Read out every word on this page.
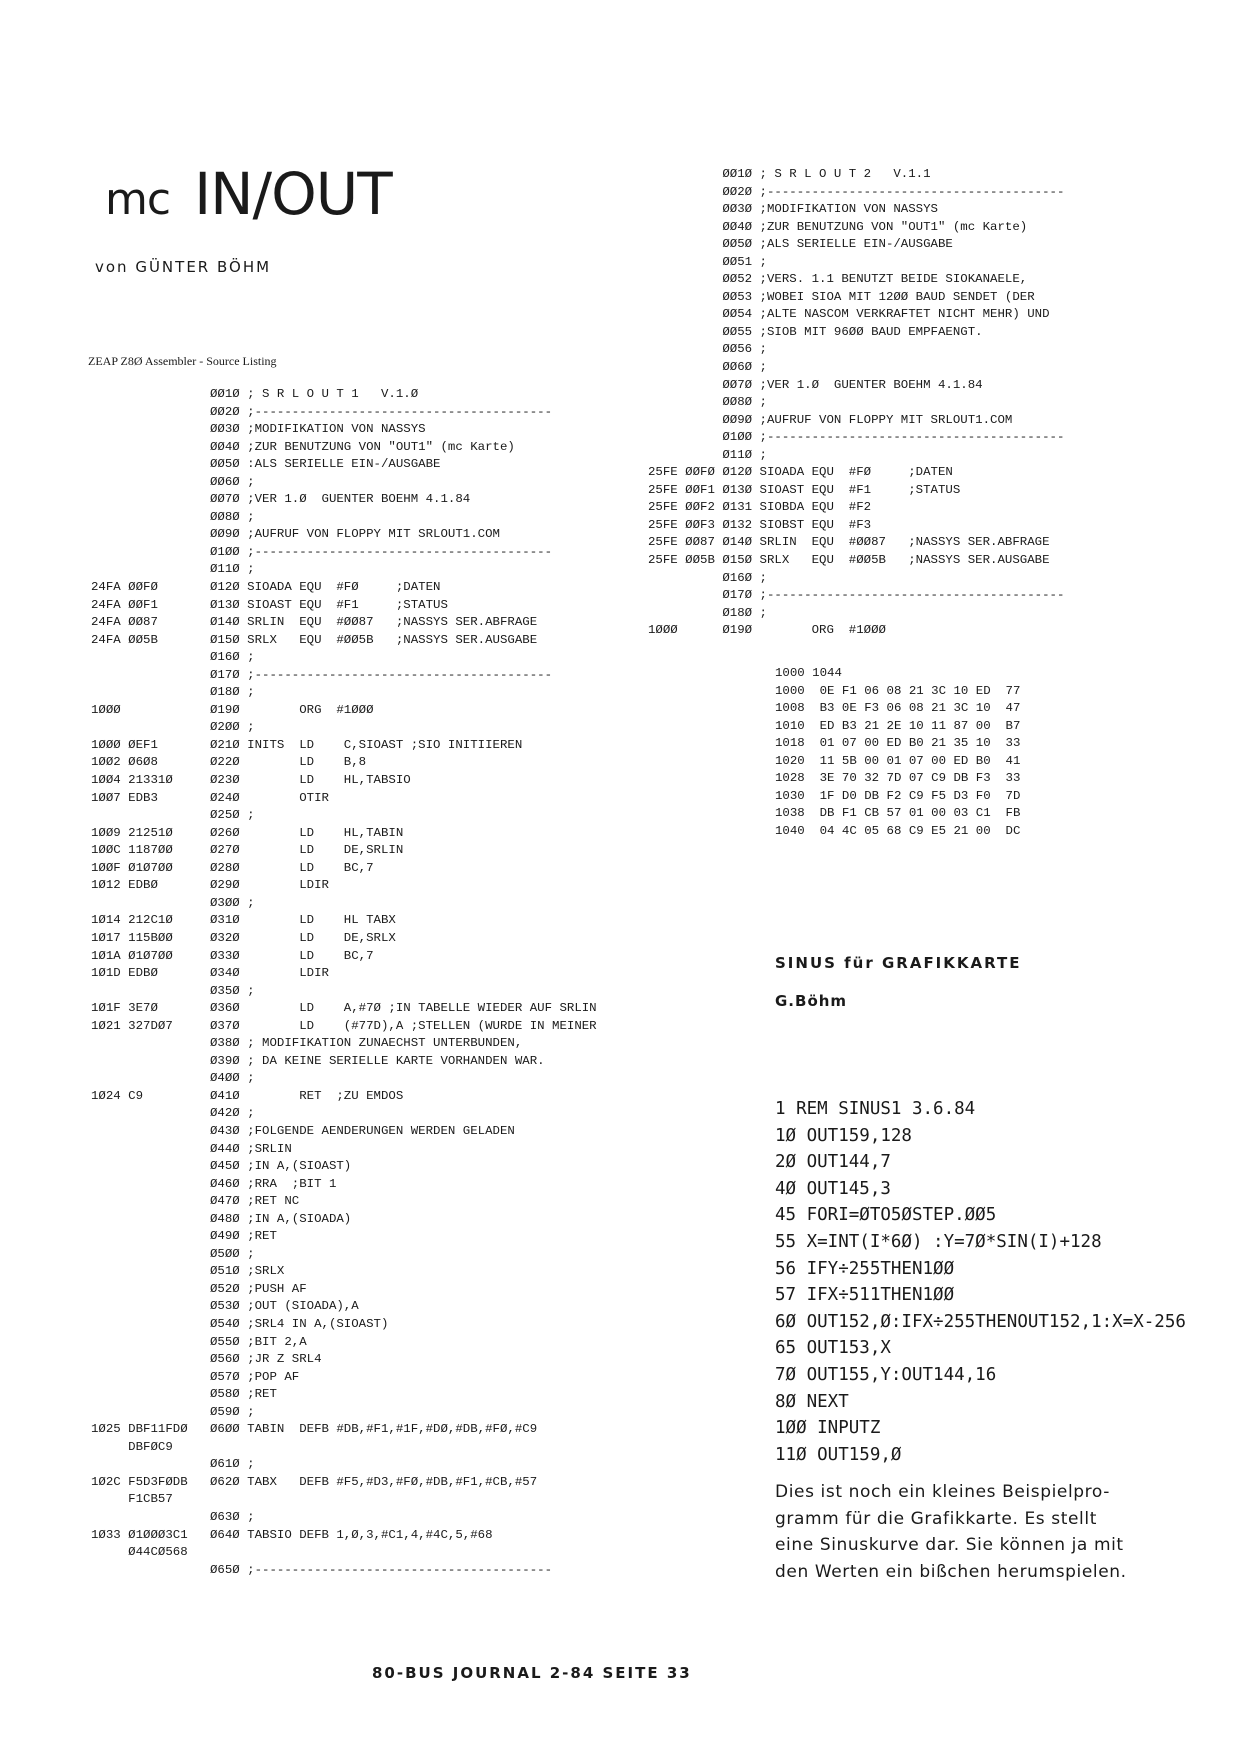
mc IN/OUT
von GÜNTER BÖHM
ZEAP Z8Ø Assembler - Source Listing
ØØ1Ø ; S R L O U T 1   V.1.Ø
ØØ2Ø ;----------------------------------------
ØØ3Ø ;MODIFIKATION VON NASSYS
ØØ4Ø ;ZUR BENUTZUNG VON "OUT1" (mc Karte)
ØØ5Ø :ALS SERIELLE EIN-/AUSGABE
ØØ6Ø ;
ØØ7Ø ;VER 1.Ø  GUENTER BOEHM 4.1.84
ØØ8Ø ;
ØØ9Ø ;AUFRUF VON FLOPPY MIT SRLOUT1.COM
Ø1ØØ ;----------------------------------------
Ø11Ø ;
24FA ØØFØ       Ø12Ø SIOADA EQU  #FØ     ;DATEN
24FA ØØF1       Ø13Ø SIOAST EQU  #F1     ;STATUS
24FA ØØ87       Ø14Ø SRLIN  EQU  #ØØ87   ;NASSYS SER.ABFRAGE
24FA ØØ5B       Ø15Ø SRLX   EQU  #ØØ5B   ;NASSYS SER.AUSGABE
Ø16Ø ;
Ø17Ø ;----------------------------------------
Ø18Ø ;
1ØØØ            Ø19Ø        ORG  #1ØØØ
Ø2ØØ ;
1ØØØ ØEF1       Ø21Ø INITS  LD    C,SIOAST ;SIO INITIIEREN
1ØØ2 Ø6Ø8       Ø22Ø        LD    B,8
1ØØ4 21331Ø     Ø23Ø        LD    HL,TABSIO
1ØØ7 EDB3       Ø24Ø        OTIR
Ø25Ø ;
1ØØ9 21251Ø     Ø26Ø        LD    HL,TABIN
1ØØC 1187ØØ     Ø27Ø        LD    DE,SRLIN
1ØØF Ø1Ø7ØØ     Ø28Ø        LD    BC,7
1Ø12 EDBØ       Ø29Ø        LDIR
Ø3ØØ ;
1Ø14 212C1Ø     Ø31Ø        LD    HL TABX
1Ø17 115BØØ     Ø32Ø        LD    DE,SRLX
1Ø1A Ø1Ø7ØØ     Ø33Ø        LD    BC,7
1Ø1D EDBØ       Ø34Ø        LDIR
Ø35Ø ;
1Ø1F 3E7Ø       Ø36Ø        LD    A,#7Ø ;IN TABELLE WIEDER AUF SRLIN
1Ø21 327DØ7     Ø37Ø        LD    (#77D),A ;STELLEN (WURDE IN MEINER
Ø38Ø ; MODIFIKATION ZUNAECHST UNTERBUNDEN,
Ø39Ø ; DA KEINE SERIELLE KARTE VORHANDEN WAR.
Ø4ØØ ;
1Ø24 C9         Ø41Ø        RET  ;ZU EMDOS
Ø42Ø ;
Ø43Ø ;FOLGENDE AENDERUNGEN WERDEN GELADEN
Ø44Ø ;SRLIN
Ø45Ø ;IN A,(SIOAST)
Ø46Ø ;RRA  ;BIT 1
Ø47Ø ;RET NC
Ø48Ø ;IN A,(SIOADA)
Ø49Ø ;RET
Ø5ØØ ;
Ø51Ø ;SRLX
Ø52Ø ;PUSH AF
Ø53Ø ;OUT (SIOADA),A
Ø54Ø ;SRL4 IN A,(SIOAST)
Ø55Ø ;BIT 2,A
Ø56Ø ;JR Z SRL4
Ø57Ø ;POP AF
Ø58Ø ;RET
Ø59Ø ;
1Ø25 DBF11FDØ   Ø6ØØ TABIN  DEFB #DB,#F1,#1F,#DØ,#DB,#FØ,#C9
DBFØC9
Ø61Ø ;
1Ø2C F5D3FØDB   Ø62Ø TABX   DEFB #F5,#D3,#FØ,#DB,#F1,#CB,#57
F1CB57
Ø63Ø ;
1Ø33 Ø1ØØØ3C1   Ø64Ø TABSIO DEFB 1,Ø,3,#C1,4,#4C,5,#68
Ø44CØ568
Ø65Ø ;----------------------------------------
ØØ1Ø ; S R L O U T 2   V.1.1
ØØ2Ø ;----------------------------------------
ØØ3Ø ;MODIFIKATION VON NASSYS
ØØ4Ø ;ZUR BENUTZUNG VON "OUT1" (mc Karte)
ØØ5Ø ;ALS SERIELLE EIN-/AUSGABE
ØØ51 ;
ØØ52 ;VERS. 1.1 BENUTZT BEIDE SIOKANAELE,
ØØ53 ;WOBEI SIOA MIT 12ØØ BAUD SENDET (DER
ØØ54 ;ALTE NASCOM VERKRAFTET NICHT MEHR) UND
ØØ55 ;SIOB MIT 96ØØ BAUD EMPFAENGT.
ØØ56 ;
ØØ6Ø ;
ØØ7Ø ;VER 1.Ø  GUENTER BOEHM 4.1.84
ØØ8Ø ;
ØØ9Ø ;AUFRUF VON FLOPPY MIT SRLOUT1.COM
Ø1ØØ ;----------------------------------------
Ø11Ø ;
25FE ØØFØ Ø12Ø SIOADA EQU  #FØ     ;DATEN
25FE ØØF1 Ø13Ø SIOAST EQU  #F1     ;STATUS
25FE ØØF2 Ø131 SIOBDA EQU  #F2
25FE ØØF3 Ø132 SIOBST EQU  #F3
25FE ØØ87 Ø14Ø SRLIN  EQU  #ØØ87   ;NASSYS SER.ABFRAGE
25FE ØØ5B Ø15Ø SRLX   EQU  #ØØ5B   ;NASSYS SER.AUSGABE
Ø16Ø ;
Ø17Ø ;----------------------------------------
Ø18Ø ;
1ØØØ      Ø19Ø        ORG  #1ØØØ
1000 1044
1000  0E F1 06 08 21 3C 10 ED  77
1008  B3 0E F3 06 08 21 3C 10  47
1010  ED B3 21 2E 10 11 87 00  B7
1018  01 07 00 ED B0 21 35 10  33
1020  11 5B 00 01 07 00 ED B0  41
1028  3E 70 32 7D 07 C9 DB F3  33
1030  1F D0 DB F2 C9 F5 D3 F0  7D
1038  DB F1 CB 57 01 00 03 C1  FB
1040  04 4C 05 68 C9 E5 21 00  DC
SINUS für GRAFIKKARTE
G.Böhm
1 REM SINUS1 3.6.84
1Ø OUT159,128
2Ø OUT144,7
4Ø OUT145,3
45 FORI=ØTO5ØSTEP.ØØ5
55 X=INT(I*6Ø) :Y=7Ø*SIN(I)+128
56 IFY÷255THEN1ØØ
57 IFX÷511THEN1ØØ
6Ø OUT152,Ø:IFX÷255THENOUT152,1:X=X-256
65 OUT153,X
7Ø OUT155,Y:OUT144,16
8Ø NEXT
1ØØ INPUTZ
11Ø OUT159,Ø
Dies ist noch ein kleines Beispielpro-
gramm für die Grafikkarte. Es stellt
eine Sinuskurve dar. Sie können ja mit
den Werten ein bißchen herumspielen.
80-BUS JOURNAL 2-84 SEITE 33
